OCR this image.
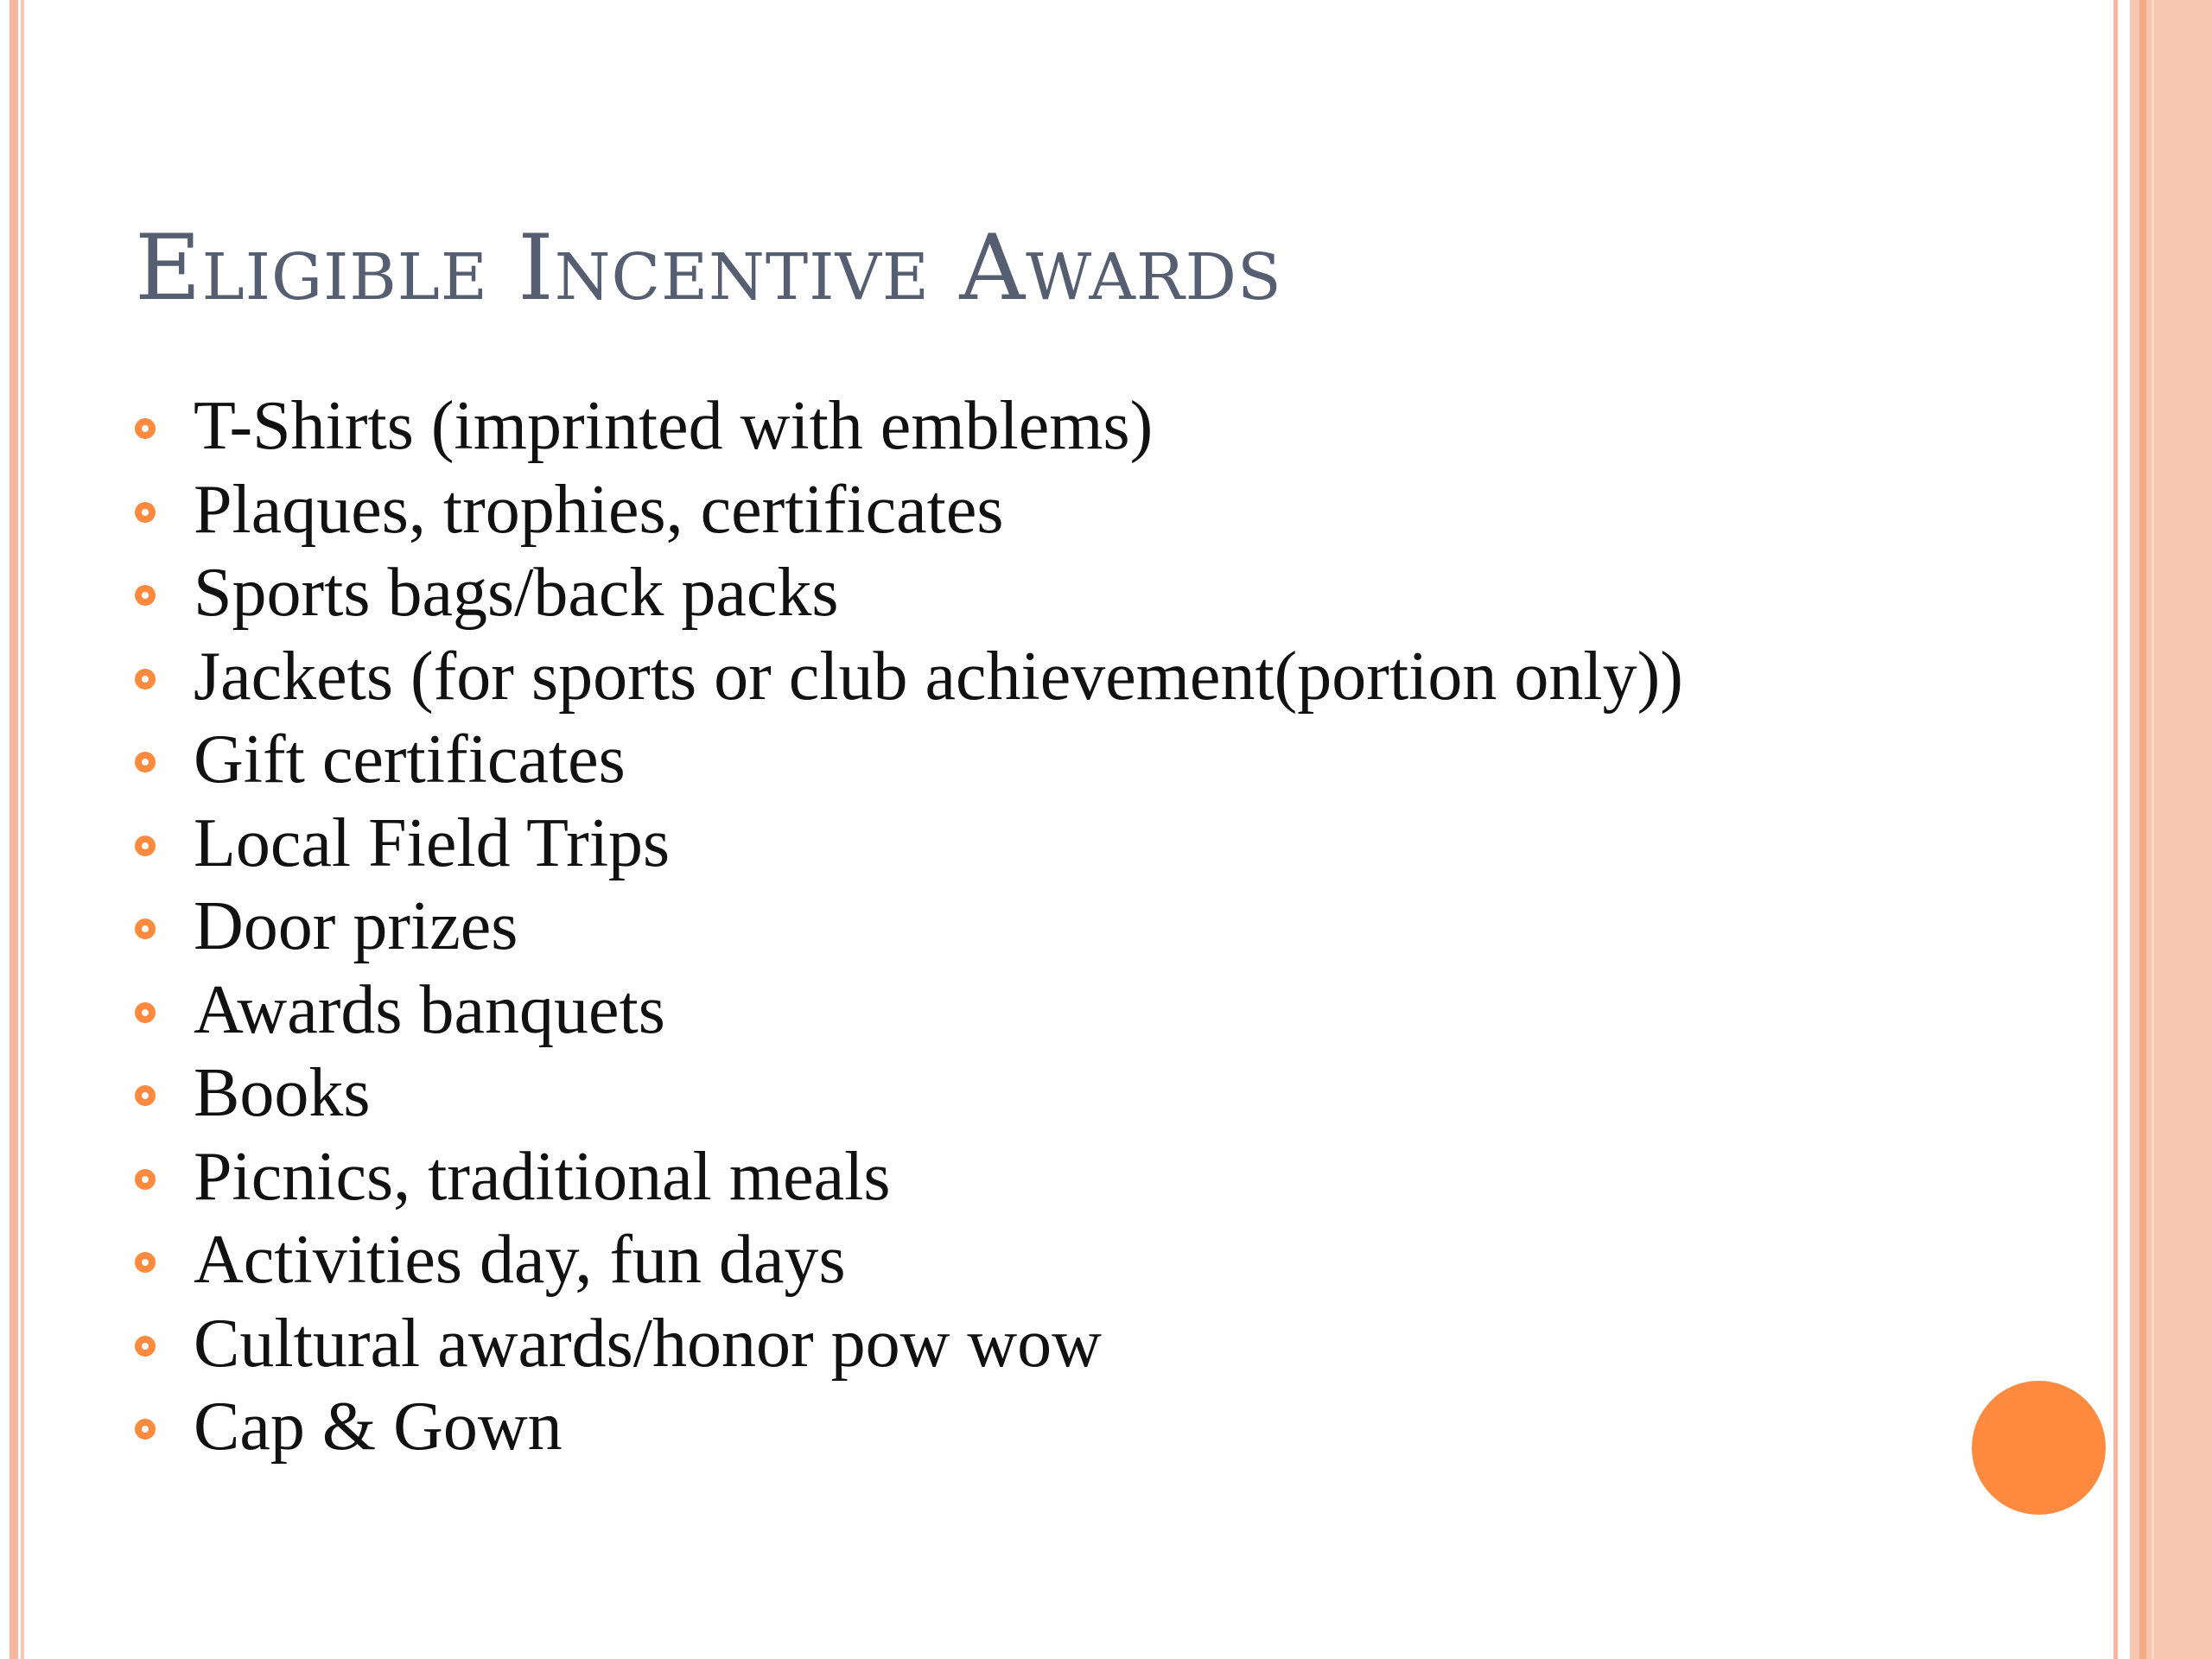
Eligible Incentive Awards
T-Shirts (imprinted with emblems)
Plaques, trophies, certificates
Sports bags/back packs
Jackets (for sports or club achievement(portion only))
Gift certificates
Local Field Trips
Door prizes
Awards banquets
Books
Picnics, traditional meals
Activities day, fun days
Cultural awards/honor pow wow
Cap & Gown
